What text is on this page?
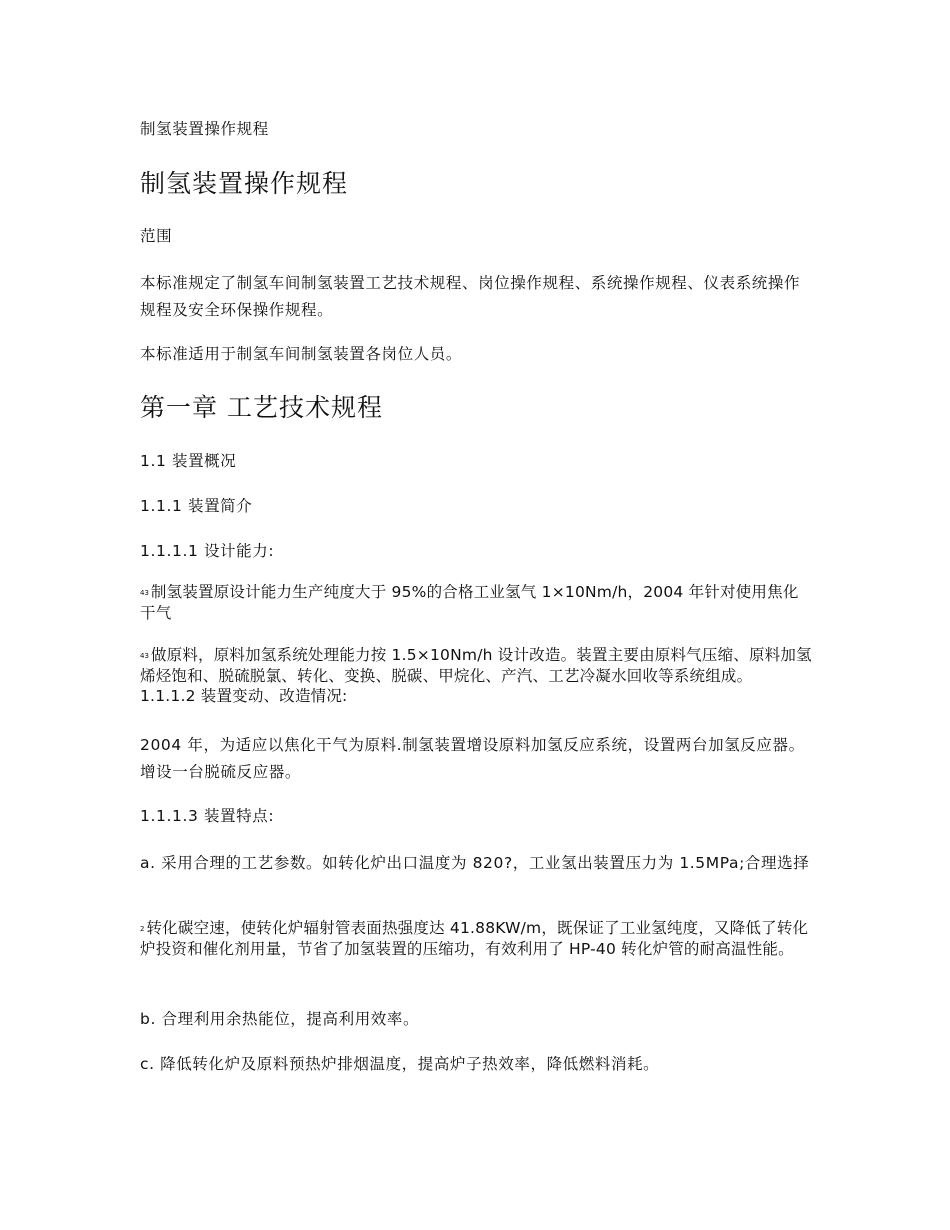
制氢装置操作规程

制氢装置操作规程

范围

本标准规定了制氢车间制氢装置工艺技术规程、岗位操作规程、系统操作规程、仪表系统操作规程及安全环保操作规程。

本标准适用于制氢车间制氢装置各岗位人员。

第一章 工艺技术规程

1.1 装置概况

1.1.1 装置简介

1.1.1.1 设计能力:

$^{43}$ 制氢装置原设计能力生产纯度大于 95%的合格工业氢气 1×10Nm/h，2004 年针对使用焦化干气

$^{43}$ 做原料，原料加氢系统处理能力按 1.5×10Nm/h 设计改造。装置主要由原料气压缩、原料加氢烯烃饱和、脱硫脱氯、转化、变换、脱碳、甲烷化、产汽、工艺冷凝水回收等系统组成。 1.1.1.2 装置变动、改造情况:

2004 年，为适应以焦化干气为原料.制氢装置增设原料加氢反应系统，设置两台加氢反应器。增设一台脱硫反应器。

1.1.1.3 装置特点:

a. 采用合理的工艺参数。如转化炉出口温度为 820?，工业氢出装置压力为 1.5MPa;合理选择

$^2$ 转化碳空速，使转化炉辐射管表面热强度达 41.88KW/m，既保证了工业氢纯度，又降低了转化炉投资和催化剂用量，节省了加氢装置的压缩功，有效利用了 HP-40 转化炉管的耐高温性能。

b. 合理利用余热能位，提高利用效率。

c. 降低转化炉及原料预热炉排烟温度，提高炉子热效率，降低燃料消耗。
